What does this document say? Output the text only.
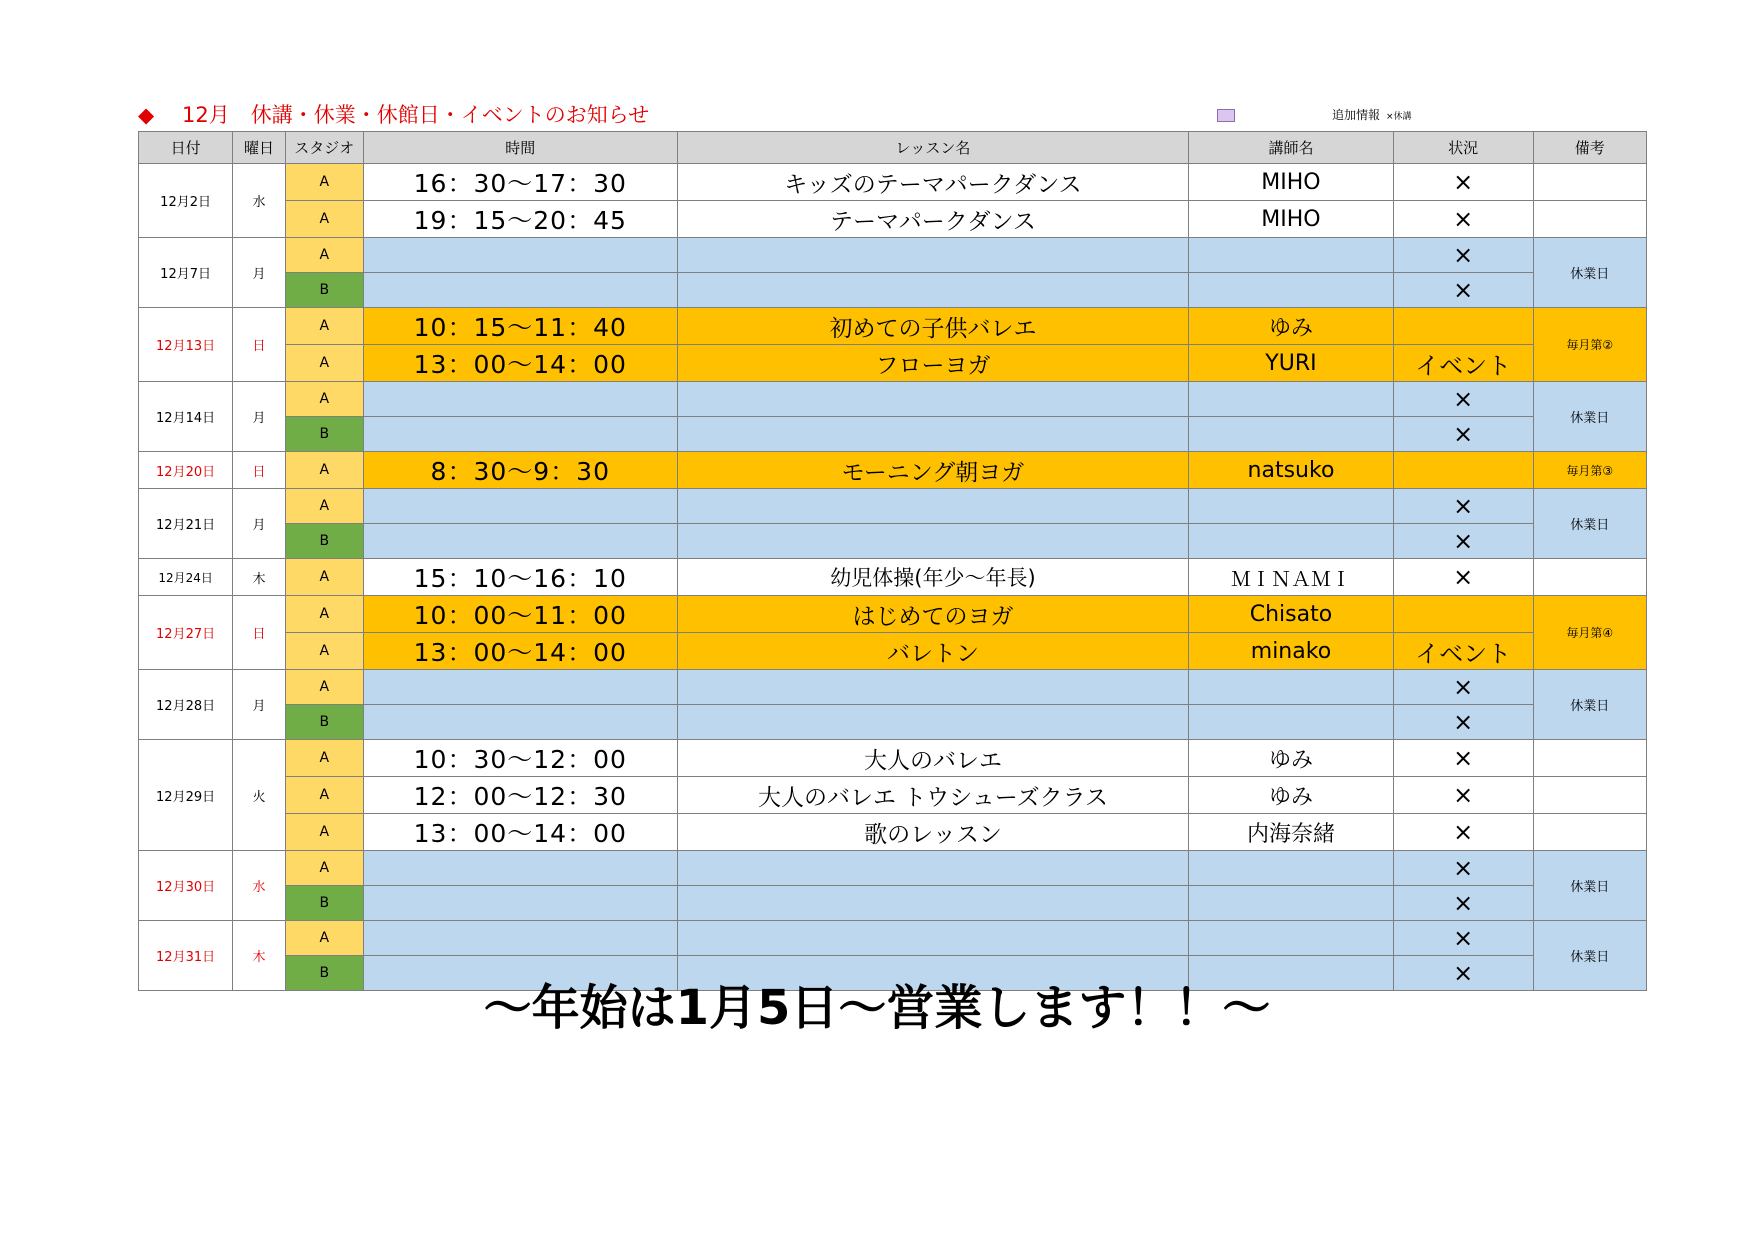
◆ 12月　休講・休業・休館日・イベントのお知らせ	追加情報 ×休講
日付	曜日	スタジオ	時間	レッスン名	講師名	状況	備考
12月2日	水	A	16：30〜17：30	キッズのテーマパークダンス	MIHO	×	
		A	19：15〜20：45	テーマパークダンス	MIHO	×	
12月7日	月	A				×	休業日
		B				×	
12月13日	日	A	10：15〜11：40	初めての子供バレエ	ゆみ		毎月第②
		A	13：00〜14：00	フローヨガ	YURI	イベント	
12月14日	月	A				×	休業日
		B				×	
12月20日	日	A	8：30〜9：30	モーニング朝ヨガ	natsuko		毎月第③
12月21日	月	A				×	休業日
		B				×	
12月24日	木	A	15：10〜16：10	幼児体操(年少〜年長)	ＭＩＮＡＭＩ	×	
12月27日	日	A	10：00〜11：00	はじめてのヨガ	Chisato		毎月第④
		A	13：00〜14：00	バレトン	minako	イベント	
12月28日	月	A				×	休業日
		B				×	
12月29日	火	A	10：30〜12：00	大人のバレエ	ゆみ	×	
		A	12：00〜12：30	大人のバレエ トウシューズクラス	ゆみ	×	
		A	13：00〜14：00	歌のレッスン	内海奈緒	×	
12月30日	水	A				×	休業日
		B				×	
12月31日	木	A				×	休業日
		B				×	
〜年始は1月5日〜営業します！！〜
